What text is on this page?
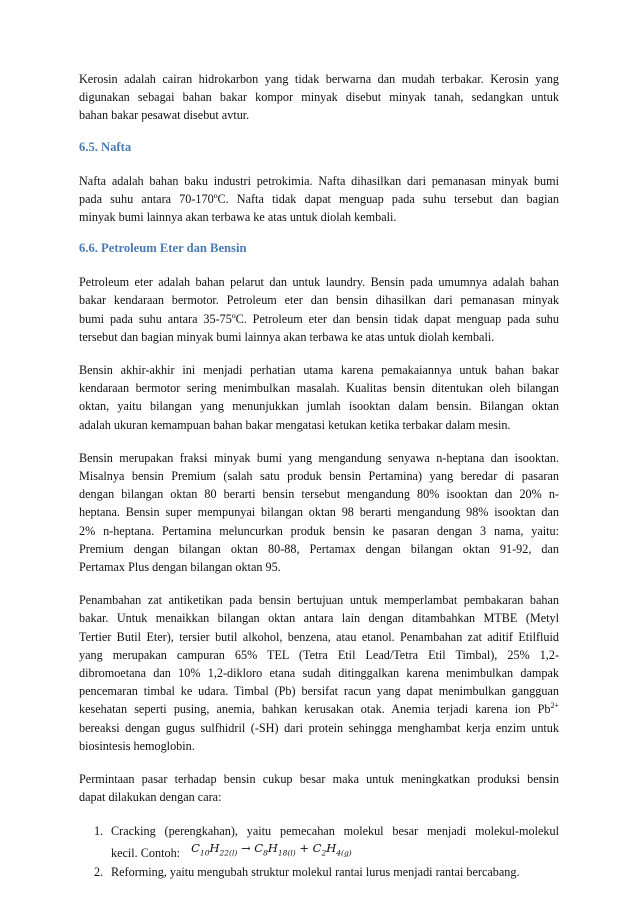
Kerosin adalah cairan hidrokarbon yang tidak berwarna dan mudah terbakar. Kerosin yang
digunakan sebagai bahan bakar kompor minyak disebut minyak tanah, sedangkan untuk
bahan bakar pesawat disebut avtur.

6.5. Nafta

Nafta adalah bahan baku industri petrokimia. Nafta dihasilkan dari pemanasan minyak bumi
pada suhu antara 70-170ºC. Nafta tidak dapat menguap pada suhu tersebut dan bagian
minyak bumi lainnya akan terbawa ke atas untuk diolah kembali.

6.6. Petroleum Eter dan Bensin

Petroleum eter adalah bahan pelarut dan untuk laundry. Bensin pada umumnya adalah bahan
bakar kendaraan bermotor. Petroleum eter dan bensin dihasilkan dari pemanasan minyak
bumi pada suhu antara 35-75ºC. Petroleum eter dan bensin tidak dapat menguap pada suhu
tersebut dan bagian minyak bumi lainnya akan terbawa ke atas untuk diolah kembali.

Bensin akhir-akhir ini menjadi perhatian utama karena pemakaiannya untuk bahan bakar
kendaraan bermotor sering menimbulkan masalah. Kualitas bensin ditentukan oleh bilangan
oktan, yaitu bilangan yang menunjukkan jumlah isooktan dalam bensin. Bilangan oktan
adalah ukuran kemampuan bahan bakar mengatasi ketukan ketika terbakar dalam mesin.

Bensin merupakan fraksi minyak bumi yang mengandung senyawa n-heptana dan isooktan.
Misalnya bensin Premium (salah satu produk bensin Pertamina) yang beredar di pasaran
dengan bilangan oktan 80 berarti bensin tersebut mengandung 80% isooktan dan 20% n-
heptana. Bensin super mempunyai bilangan oktan 98 berarti mengandung 98% isooktan dan
2% n-heptana. Pertamina meluncurkan produk bensin ke pasaran dengan 3 nama, yaitu:
Premium dengan bilangan oktan 80-88, Pertamax dengan bilangan oktan 91-92, dan
Pertamax Plus dengan bilangan oktan 95.

Penambahan zat antiketikan pada bensin bertujuan untuk memperlambat pembakaran bahan
bakar. Untuk menaikkan bilangan oktan antara lain dengan ditambahkan MTBE (Metyl
Tertier Butil Eter), tersier butil alkohol, benzena, atau etanol. Penambahan zat aditif Etilfluid
yang merupakan campuran 65% TEL (Tetra Etil Lead/Tetra Etil Timbal), 25% 1,2-
dibromoetana dan 10% 1,2-dikloro etana sudah ditinggalkan karena menimbulkan dampak
pencemaran timbal ke udara. Timbal (Pb) bersifat racun yang dapat menimbulkan gangguan
kesehatan seperti pusing, anemia, bahkan kerusakan otak. Anemia terjadi karena ion $Pb^{2+}$
bereaksi dengan gugus sulfhidril (-SH) dari protein sehingga menghambat kerja enzim untuk
biosintesis hemoglobin.

Permintaan pasar terhadap bensin cukup besar maka untuk meningkatkan produksi bensin
dapat dilakukan dengan cara:

1. Cracking (perengkahan), yaitu pemecahan molekul besar menjadi molekul-molekul
kecil. Contoh: $C_{10}H_{22(l)} \to C_8H_{18(l)} + C_2H_{4(g)}$
2. Reforming, yaitu mengubah struktur molekul rantai lurus menjadi rantai bercabang.
